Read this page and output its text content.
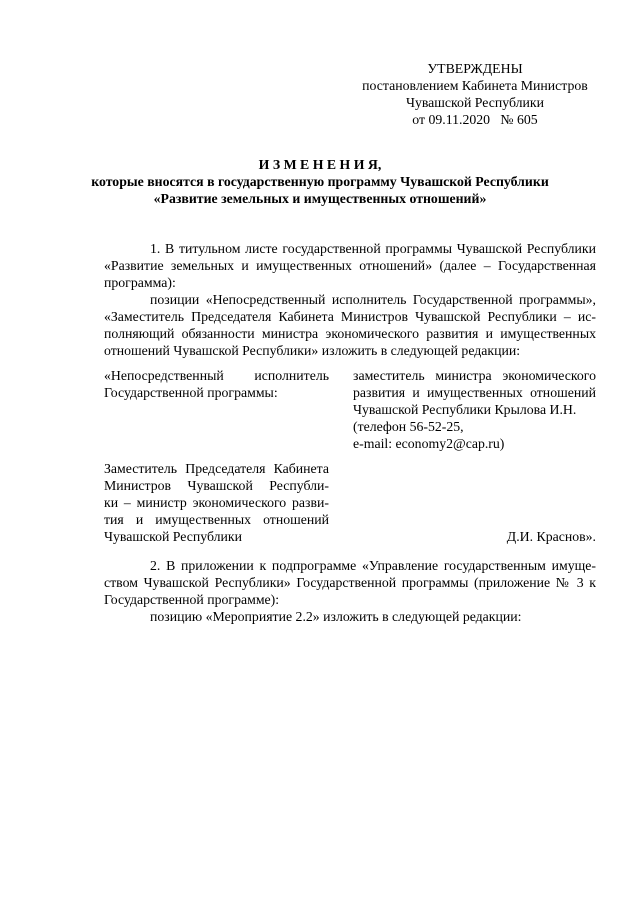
УТВЕРЖДЕНЫ
постановлением Кабинета Министров
Чувашской Республики
от 09.11.2020   № 605
И З М Е Н Е Н И Я,
которые вносятся в государственную программу Чувашской Республики
«Развитие земельных и имущественных отношений»
1. В титульном листе государственной программы Чувашской Республики
«Развитие земельных и имущественных отношений» (далее – Государственная
программа):
позиции «Непосредственный исполнитель Государственной программы»,
«Заместитель Председателя Кабинета Министров Чувашской Республики – ис-
полняющий обязанности министра экономического развития и имущественных
отношений Чувашской Республики» изложить в следующей редакции:
«Непосредственный исполнитель
Государственной программы:
заместитель министра экономического
развития и имущественных отношений
Чувашской Республики Крылова И.Н.
(телефон 56-52-25,
e-mail: economy2@cap.ru)
Заместитель Председателя Кабинета
Министров Чувашской Республи-
ки – министр экономического разви-
тия и имущественных отношений
Чувашской Республики	Д.И. Краснов».
2. В приложении к подпрограмме «Управление государственным имуще-
ством Чувашской Республики» Государственной программы (приложение № 3 к
Государственной программе):
позицию «Мероприятие 2.2» изложить в следующей редакции:
